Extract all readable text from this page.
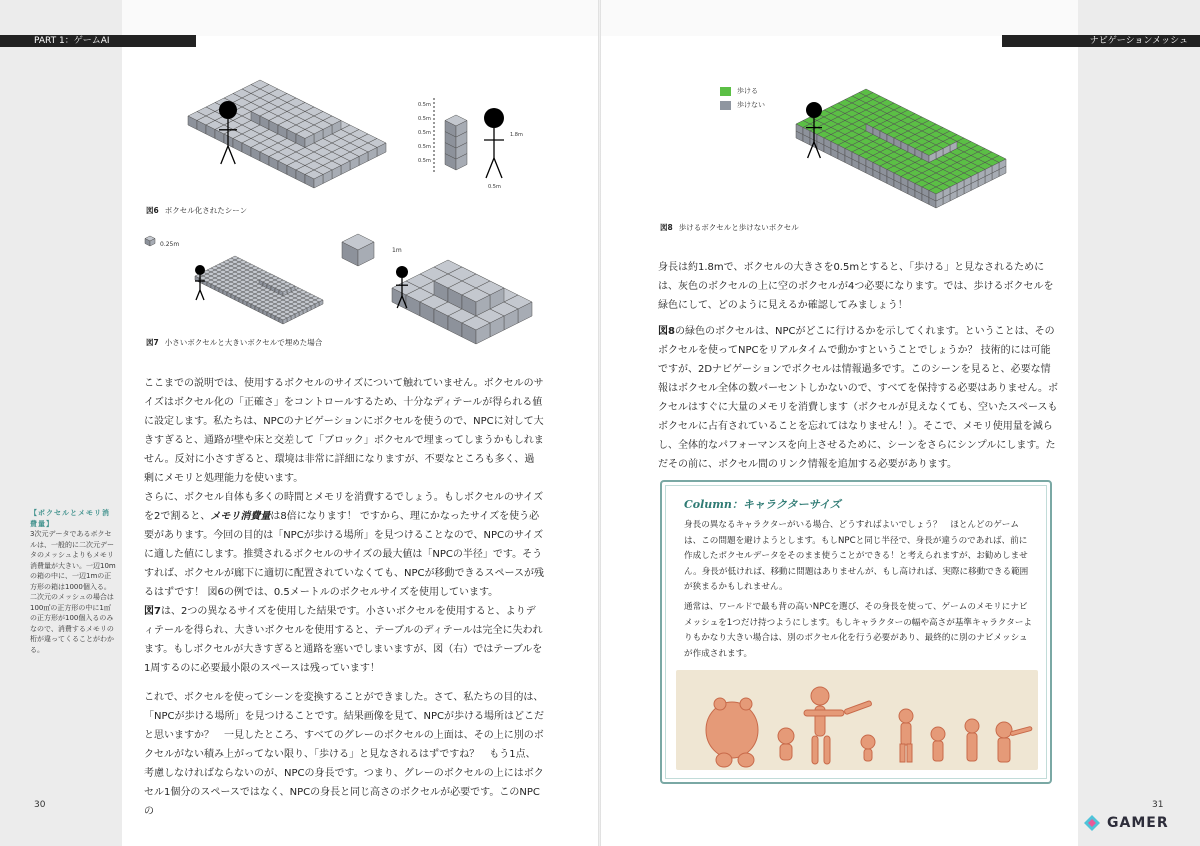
PART 1：ゲームAI	ナビゲーションメッシュ
0.5m
0.5m
0.5m
0.5m
0.5m
1.8m
0.5m
図6 ボクセル化されたシーン
0.25m
1m
図7 小さいボクセルと大きいボクセルで埋めた場合

ここまでの説明では、使用するボクセルのサイズについて触れていません。ボクセルのサイズはボクセル化の「正確さ」をコントロールするため、十分なディテールが得られる値に設定します。私たちは、NPCのナビゲーションにボクセルを使うので、NPCに対して大きすぎると、通路が壁や床と交差して「ブロック」ボクセルで埋まってしまうかもしれません。反対に小さすぎると、環境は非常に詳細になりますが、不要なところも多く、過剰にメモリと処理能力を使います。

さらに、ボクセル自体も多くの時間とメモリを消費するでしょう。もしボクセルのサイズを2で割ると、メモリ消費量は8倍になります！ ですから、理にかなったサイズを使う必要があります。今回の目的は「NPCが歩ける場所」を見つけることなので、NPCのサイズに適した値にします。推奨されるボクセルのサイズの最大値は「NPCの半径」です。そうすれば、ボクセルが廊下に適切に配置されていなくても、NPCが移動できるスペースが残るはずです！ 図6の例では、0.5メートルのボクセルサイズを使用しています。

図7は、2つの異なるサイズを使用した結果です。小さいボクセルを使用すると、よりディテールを得られ、大きいボクセルを使用すると、テーブルのディテールは完全に失われます。もしボクセルが大きすぎると通路を塞いでしまいますが、図（右）ではテーブルを1周するのに必要最小限のスペースは残っています！

これで、ボクセルを使ってシーンを変換することができました。さて、私たちの目的は、「NPCが歩ける場所」を見つけることです。結果画像を見て、NPCが歩ける場所はどこだと思いますか？　一見したところ、すべてのグレーのボクセルの上面は、その上に別のボクセルがない積み上がってない限り、「歩ける」と見なされるはずですね？　もう1点、考慮しなければならないのが、NPCの身長です。つまり、グレーのボクセルの上にはボクセル1個分のスペースではなく、NPCの身長と同じ高さのボクセルが必要です。このNPCの

【ボクセルとメモリ消費量】
3次元データであるボクセルは、一般的に二次元データのメッシュよりもメモリ消費量が大きい。一辺10mの箱の中に、一辺1mの正方形の箱は1000個入る。二次元のメッシュの場合は100㎡の正方形の中に1㎡の正方形が100個入るのみなので、消費するメモリの桁が違ってくることがわかる。
歩ける
歩けない
図8 歩けるボクセルと歩けないボクセル

身長は約1.8mで、ボクセルの大きさを0.5mとすると、「歩ける」と見なされるためには、灰色のボクセルの上に空のボクセルが4つ必要になります。では、歩けるボクセルを緑色にして、どのように見えるか確認してみましょう！

図8の緑色のボクセルは、NPCがどこに行けるかを示してくれます。ということは、そのボクセルを使ってNPCをリアルタイムで動かすということでしょうか？ 技術的には可能ですが、2Dナビゲーションでボクセルは情報過多です。このシーンを見ると、必要な情報はボクセル全体の数パーセントしかないので、すべてを保持する必要はありません。ボクセルはすぐに大量のメモリを消費します（ボクセルが見えなくても、空いたスペースもボクセルに占有されていることを忘れてはなりません！）。そこで、メモリ使用量を減らし、全体的なパフォーマンスを向上させるために、シーンをさらにシンプルにします。ただその前に、ボクセル間のリンク情報を追加する必要があります。

Column：キャラクターサイズ

身長の異なるキャラクターがいる場合、どうすればよいでしょう？　ほとんどのゲームは、この問題を避けようとします。もしNPCと同じ半径で、身長が違うのであれば、前に作成したボクセルデータをそのまま使うことができる！と考えられますが、お勧めしません。身長が低ければ、移動に問題はありませんが、もし高ければ、実際に移動できる範囲が狭まるかもしれません。

通常は、ワールドで最も背の高いNPCを選び、その身長を使って、ゲームのメモリにナビメッシュを1つだけ持つようにします。もしキャラクターの幅や高さが基準キャラクターよりもかなり大きい場合は、別のボクセル化を行う必要があり、最終的に別のナビメッシュが作成されます。

30	31
GAMER
